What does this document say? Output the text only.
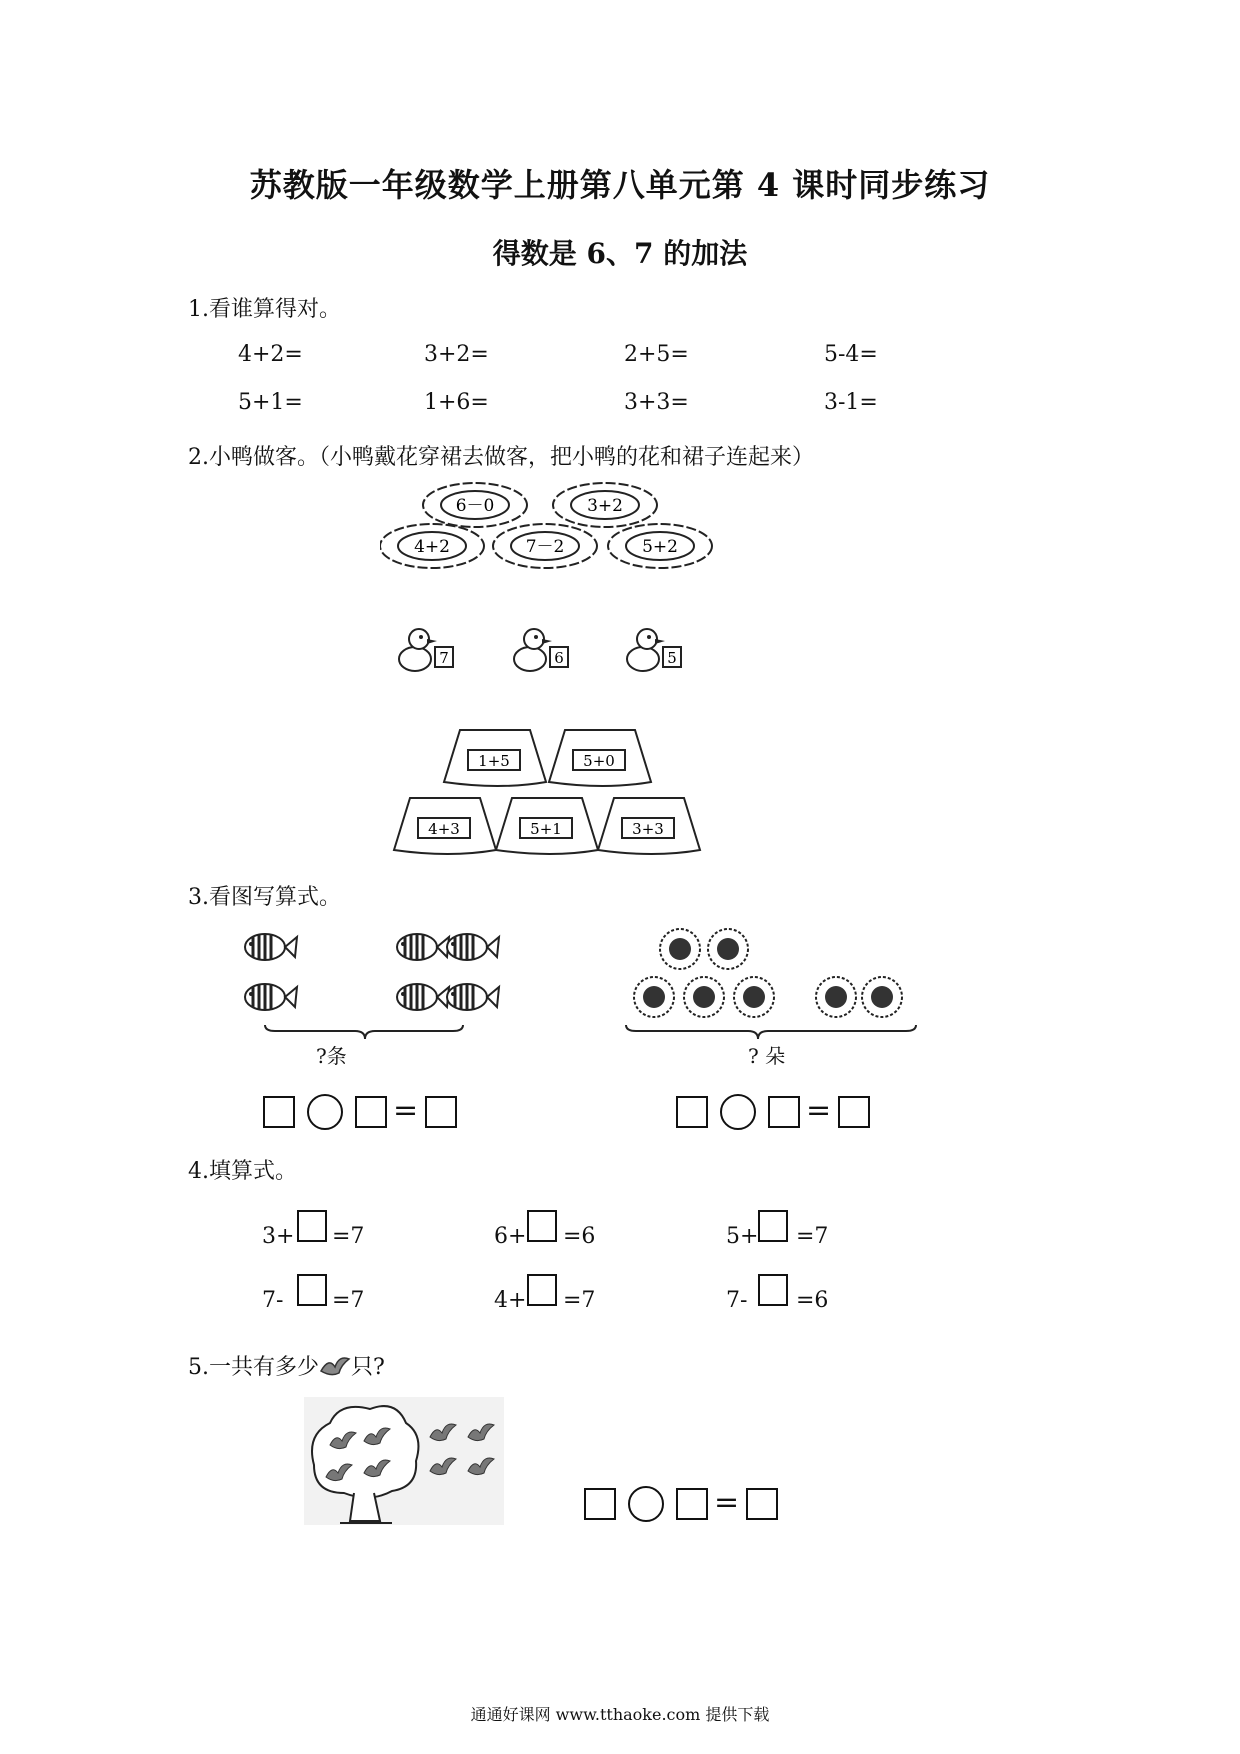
苏教版一年级数学上册第八单元第 4 课时同步练习
得数是 6、7 的加法
1.看谁算得对。
4+2=	3+2=	2+5=	5-4=
5+1=	1+6=	3+3=	3-1=
2.小鸭做客。（小鸭戴花穿裙去做客，把小鸭的花和裙子连起来）
6－0	3+2
4+2	7－2	5+2
7	6	5
1+5	5+0
4+3	5+1	3+3
3.看图写算式。
?条	? 朵
=	=
4.填算式。
3+ =7	6+ =6	5+ =7
7- =7	4+ =7	7- =6
5.一共有多少 只?
=
通通好课网 www.tthaoke.com 提供下载
